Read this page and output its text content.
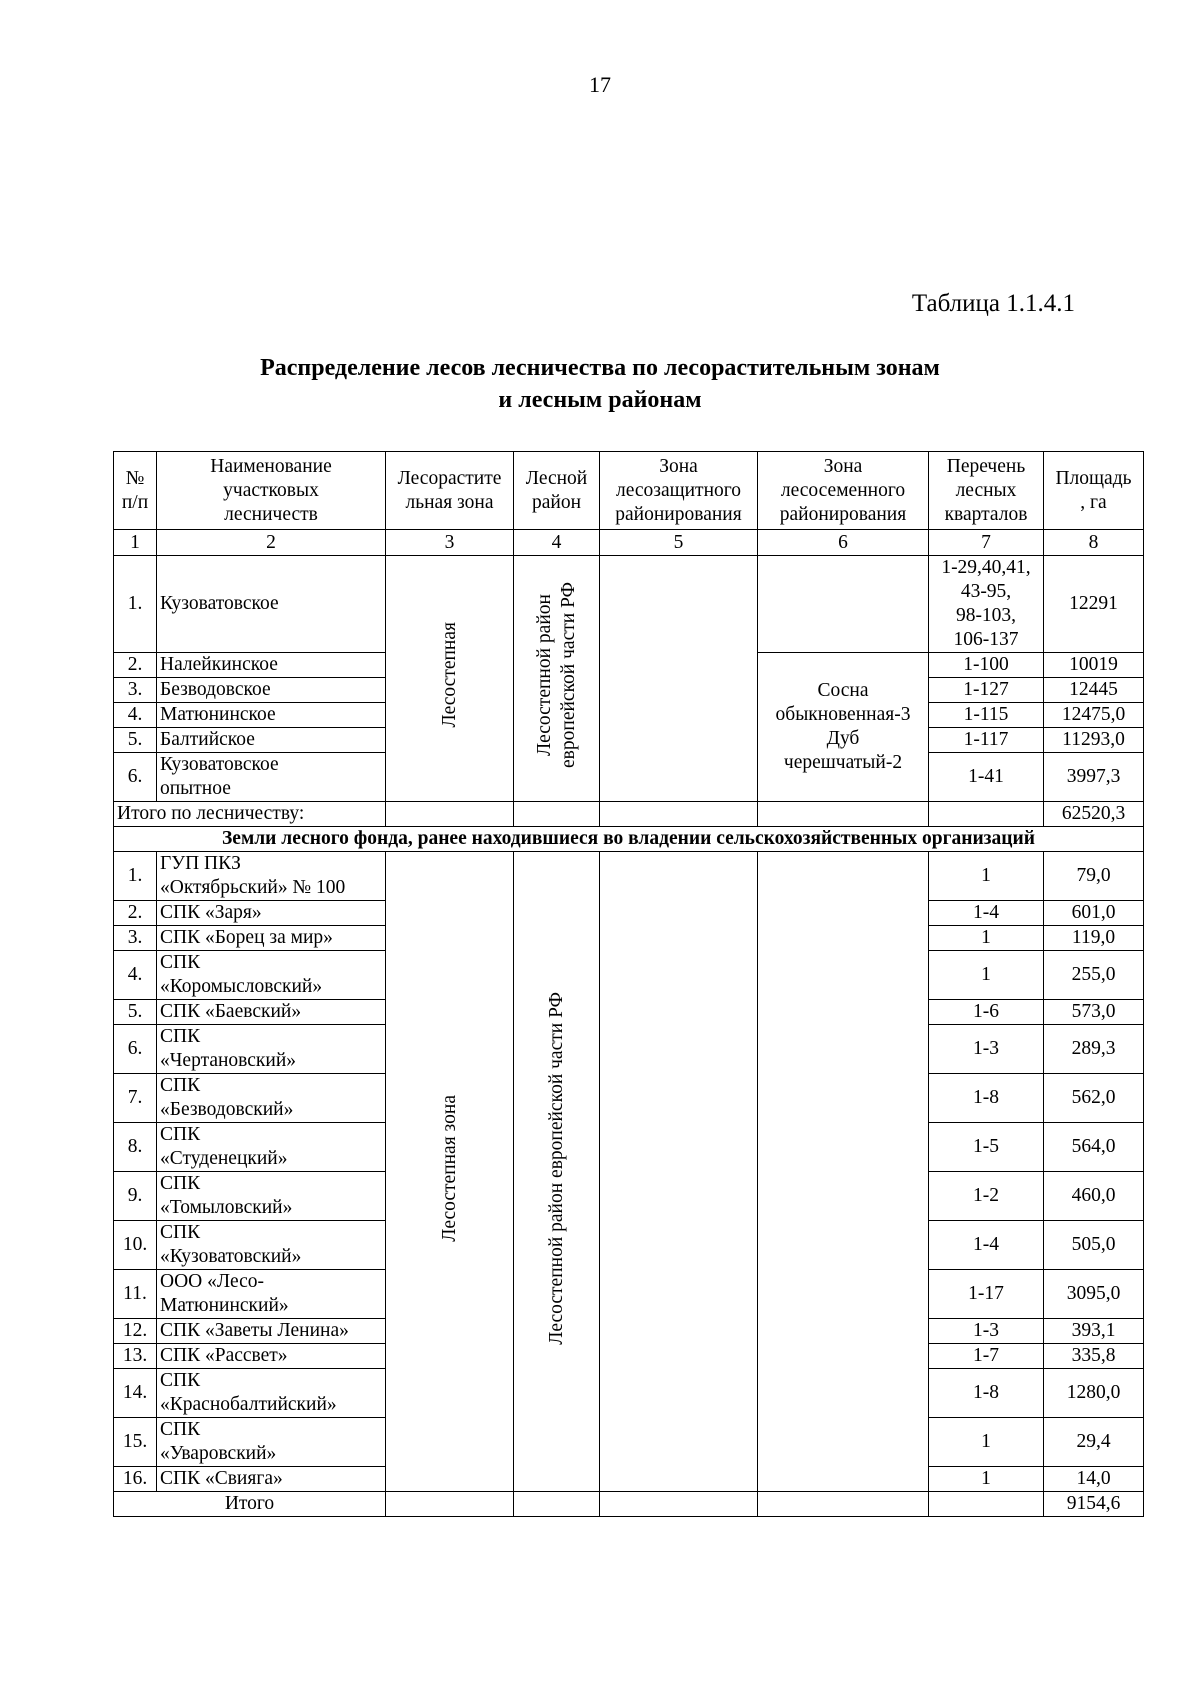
17
Таблица 1.1.4.1
Распределение лесов лесничества по лесорастительным зонам
и лесным районам
№
п/п	Наименование
участковых
лесничеств	Лесорастите
льная зона	Лесной
район	Зона
лесозащитного
районирования	Зона
лесосеменного
районирования	Перечень
лесных
кварталов	Площадь
, га
1	2	3	4	5	6	7	8
1.	Кузоватовское	Лесостепная	Лесостепной район европейской части РФ			1-29,40,41,
43-95,
98-103,
106-137	12291
2.	Налейкинское				Сосна
обыкновенная-3
Дуб
черешчатый-2	1-100	10019
3.	Безводовское					1-127	12445
4.	Матюнинское					1-115	12475,0
5.	Балтийское					1-117	11293,0
6.	Кузоватовское
опытное					1-41	3997,3
Итого по лесничеству:							62520,3
Земли лесного фонда, ранее находившиеся во владении сельскохозяйственных организаций							
1.	ГУП ПКЗ
«Октябрьский» № 100	Лесостепная зона	Лесостепной район европейской части РФ			1	79,0
2.	СПК «Заря»					1-4	601,0
3.	СПК «Борец за мир»					1	119,0
4.	СПК
«Коромысловский»					1	255,0
5.	СПК «Баевский»					1-6	573,0
6.	СПК
«Чертановский»					1-3	289,3
7.	СПК
«Безводовский»					1-8	562,0
8.	СПК
«Студенецкий»					1-5	564,0
9.	СПК
«Томыловский»					1-2	460,0
10.	СПК
«Кузоватовский»					1-4	505,0
11.	ООО «Лесо-
Матюнинский»					1-17	3095,0
12.	СПК «Заветы Ленина»					1-3	393,1
13.	СПК «Рассвет»					1-7	335,8
14.	СПК
«Краснобалтийский»					1-8	1280,0
15.	СПК
«Уваровский»					1	29,4
16.	СПК «Свияга»					1	14,0
Итого							9154,6
